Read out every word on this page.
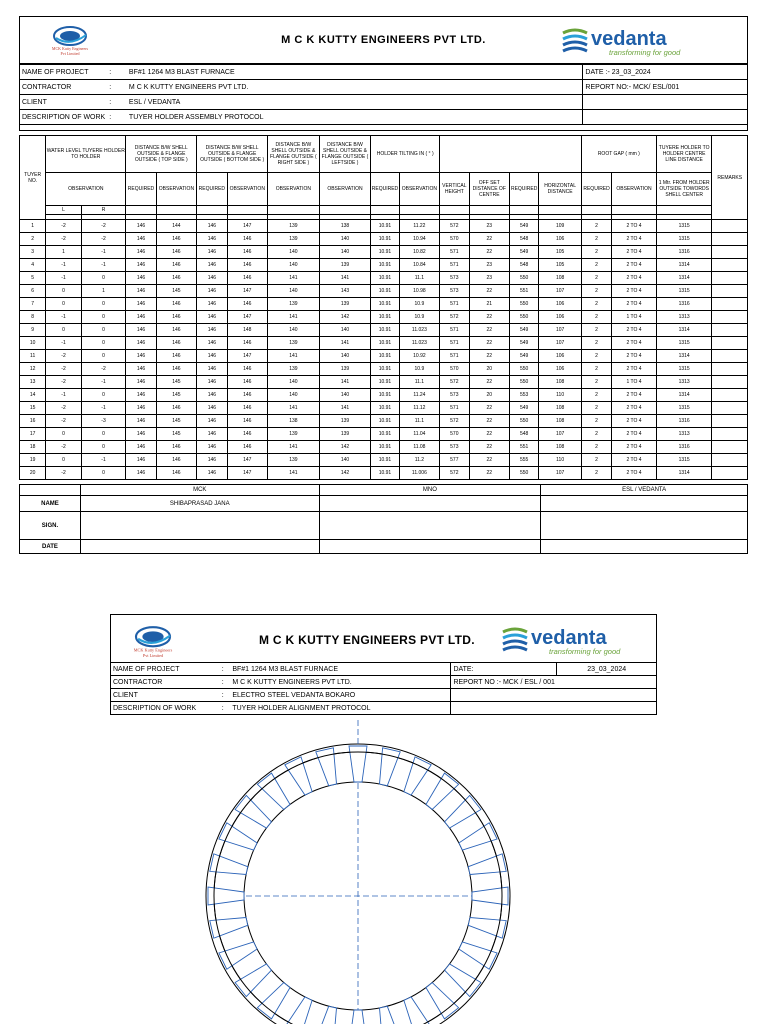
MCK Kutty Engineers
Pvt Limited
M C K KUTTY ENGINEERS PVT LTD.	vedanta
transforming for good
NAME OF PROJECT	:	BF#1 1264 M3 BLAST FURNACE	DATE :- 23_03_2024
CONTRACTOR	:	M C K KUTTY ENGINEERS PVT LTD.	REPORT NO:- MCK/ ESL/001
CLIENT	:	ESL / VEDANTA	
DESCRIPTION OF WORK	:	TUYER HOLDER ASSEMBLY PROTOCOL	

TUYER NO.	WATER LEVEL TUYERE HOLDER TO HOLDER		DISTANCE B/W SHELL OUTSIDE & FLANGE OUTSIDE ( TOP SIDE )		DISTANCE B/W SHELL OUTSIDE & FLANGE OUTSIDE ( BOTTOM SIDE )		DISTANCE B/W SHELL OUTSIDE & FLANGE OUTSIDE ( RIGHT SIDE )	DISTANCE B/W SHELL OUTSIDE & FLANGE OUTSIDE ( LEFTSIDE )	HOLDER TILTING IN ( ° )						ROOT GAP ( mm )		TUYERE HOLDER TO HOLDER CENTRE LINE DISTANCE	REMARKS
	OBSERVATION		REQUIRED	OBSERVATION	REQUIRED	OBSERVATION	OBSERVATION	OBSERVATION	REQUIRED	OBSERVATION	VERTICAL HEIGHT	OFF SET DISTANCE OF CENTRE	REQUIRED	HORIZONTAL DISTANCE	REQUIRED	OBSERVATION	1 Mtr. FROM HOLDER OUTSIDE TOWORDS SHELL CENTER	
	L	R																

1	-2	-2	146	144	146	147	139	138	10.91	11.22	572	23	549	109	2	2 TO 4	1315	
2	-2	-2	146	146	146	146	139	140	10.91	10.94	570	22	548	106	2	2 TO 4	1315	
3	1	-1	146	146	146	146	140	140	10.91	10.82	571	22	549	105	2	2 TO 4	1316	
4	-1	-1	146	146	146	146	140	139	10.91	10.84	571	23	548	105	2	2 TO 4	1314	
5	-1	0	146	146	146	146	141	141	10.91	11.1	573	23	550	108	2	2 TO 4	1314	
6	0	1	146	145	146	147	140	143	10.91	10.98	573	22	551	107	2	2 TO 4	1315	
7	0	0	146	146	146	146	139	139	10.91	10.9	571	21	550	106	2	2 TO 4	1316	
8	-1	0	146	146	146	147	141	142	10.91	10.9	572	22	550	106	2	1 TO 4	1313	
9	0	0	146	146	146	148	140	140	10.91	11.023	571	22	549	107	2	2 TO 4	1314	
10	-1	0	146	146	146	146	139	141	10.91	11.023	571	22	549	107	2	2 TO 4	1315	
11	-2	0	146	146	146	147	141	140	10.91	10.92	571	22	549	106	2	2 TO 4	1314	
12	-2	-2	146	146	146	146	139	139	10.91	10.9	570	20	550	106	2	2 TO 4	1315	
13	-2	-1	146	145	146	146	140	141	10.91	11.1	572	22	550	108	2	1 TO 4	1313	
14	-1	0	146	145	146	146	140	140	10.91	11.24	573	20	553	110	2	2 TO 4	1314	
15	-2	-1	146	146	146	146	141	141	10.91	11.12	571	22	549	108	2	2 TO 4	1315	
16	-2	-3	146	145	146	146	138	139	10.91	11.1	572	22	550	108	2	2 TO 4	1316	
17	0	0	146	145	146	146	139	139	10.91	11.04	570	22	548	107	2	2 TO 4	1313	
18	-2	0	146	146	146	146	141	142	10.91	11.08	573	22	551	108	2	2 TO 4	1316	
19	0	-1	146	146	146	147	139	140	10.91	11.2	577	22	555	110	2	2 TO 4	1315	
20	-2	0	146	146	146	147	141	142	10.91	11.006	572	22	550	107	2	2 TO 4	1314	
	MCK	MNO	ESL / VEDANTA
NAME	SHIBAPRASAD JANA		
SIGN.			
DATE			
MCK Kutty Engineers
Pvt Limited
M C K KUTTY ENGINEERS PVT LTD.	vedanta
transforming for good
NAME OF PROJECT	:	BF#1 1264 M3 BLAST FURNACE	DATE:	23_03_2024
CONTRACTOR	:	M C K KUTTY ENGINEERS PVT LTD.	REPORT NO :- MCK / ESL / 001	
CLIENT	:	ELECTRO STEEL VEDANTA BOKARO		
DESCRIPTION OF WORK	:	TUYER HOLDER ALIGNMENT PROTOCOL		
